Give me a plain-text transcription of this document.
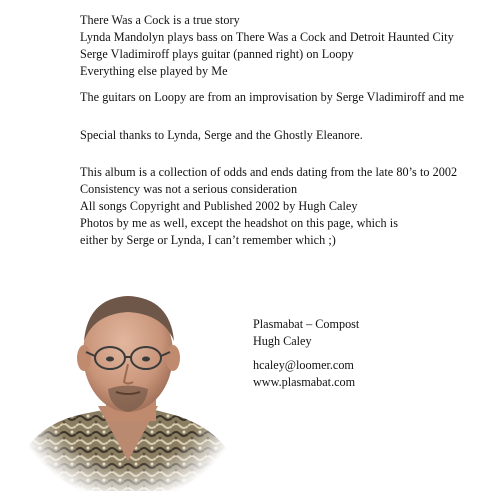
There Was a Cock is a true story
Lynda Mandolyn plays bass on There Was a Cock and Detroit Haunted City
Serge Vladimiroff plays guitar (panned right) on Loopy
Everything else played by Me
The guitars on Loopy are from an improvisation by Serge Vladimiroff and me
Special thanks to Lynda, Serge and the Ghostly Eleanore.
This album is a collection of odds and ends dating from the late 80’s to 2002
Consistency was not a serious consideration
All songs Copyright and Published 2002 by Hugh Caley
Photos by me as well, except the headshot on this page, which is
either by Serge or Lynda, I can’t remember which ;)
Plasmabat – Compost
Hugh Caley
hcaley@loomer.com
www.plasmabat.com
